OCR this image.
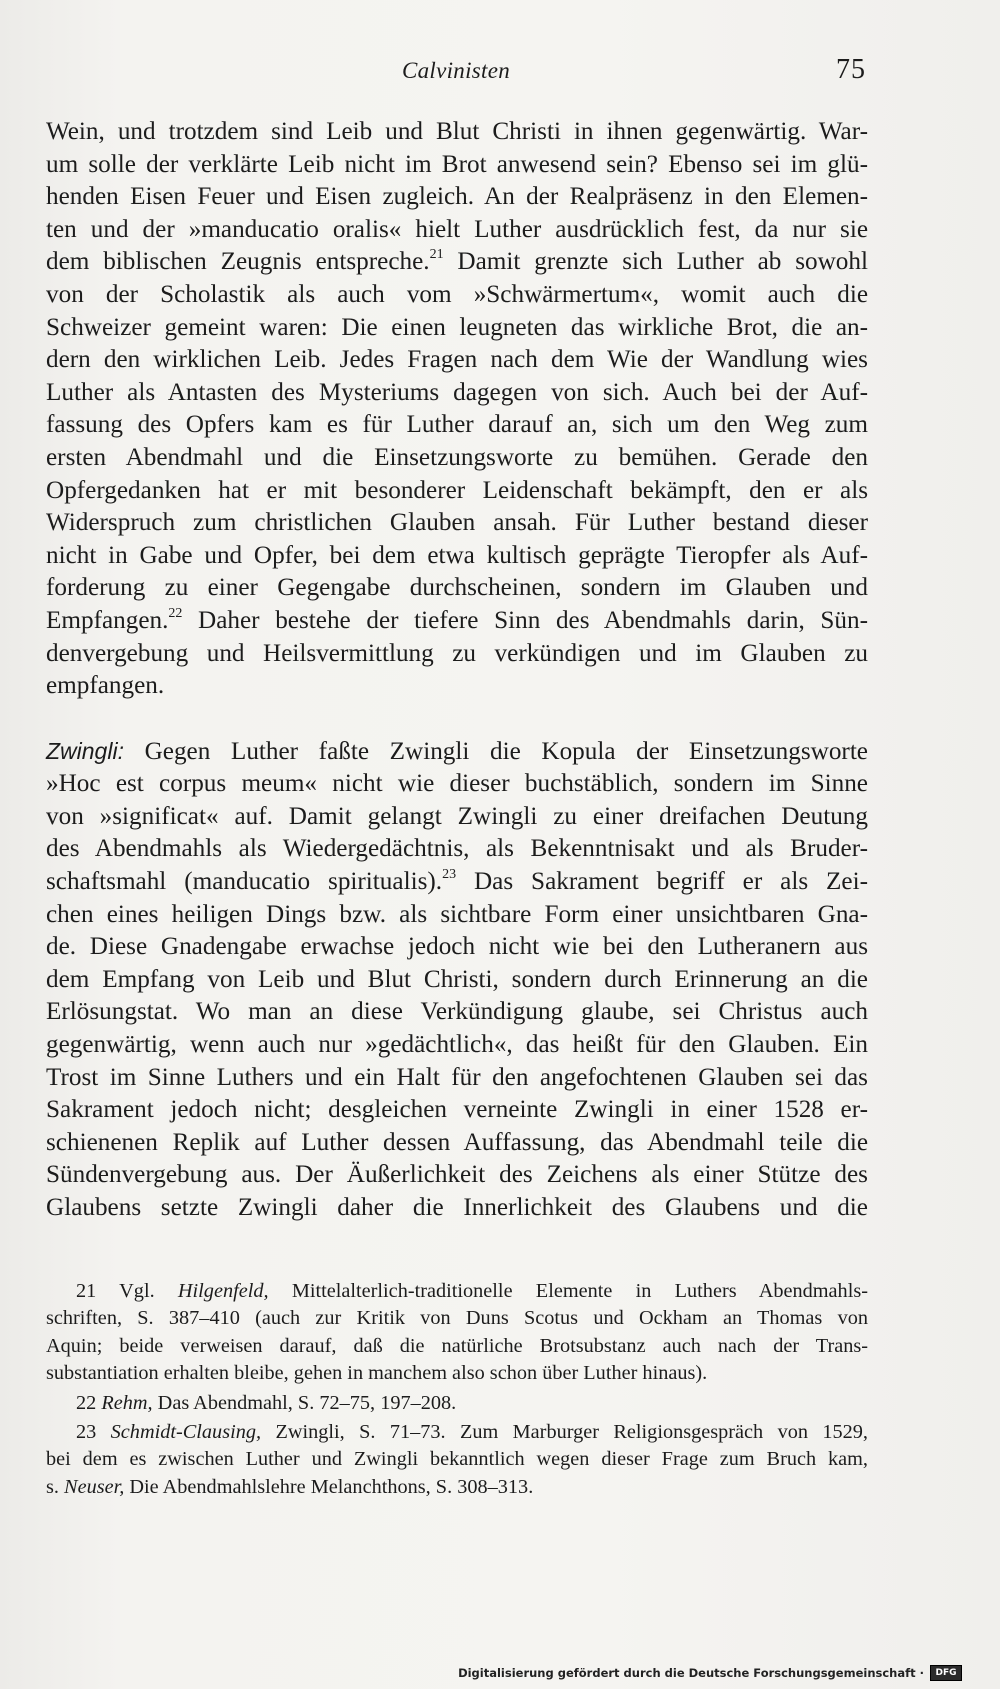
Calvinisten	75

Wein, und trotzdem sind Leib und Blut Christi in ihnen gegenwärtig. War-

um solle der verklärte Leib nicht im Brot anwesend sein? Ebenso sei im glü-

henden Eisen Feuer und Eisen zugleich. An der Realpräsenz in den Elemen-

ten und der »manducatio oralis« hielt Luther ausdrücklich fest, da nur sie

dem biblischen Zeugnis entspreche.$^{21}$ Damit grenzte sich Luther ab sowohl

von der Scholastik als auch vom »Schwärmertum«, womit auch die

Schweizer gemeint waren: Die einen leugneten das wirkliche Brot, die an-

dern den wirklichen Leib. Jedes Fragen nach dem Wie der Wandlung wies

Luther als Antasten des Mysteriums dagegen von sich. Auch bei der Auf-

fassung des Opfers kam es für Luther darauf an, sich um den Weg zum

ersten Abendmahl und die Einsetzungsworte zu bemühen. Gerade den

Opfergedanken hat er mit besonderer Leidenschaft bekämpft, den er als

Widerspruch zum christlichen Glauben ansah. Für Luther bestand dieser

nicht in Gabe und Opfer, bei dem etwa kultisch geprägte Tieropfer als Auf-

forderung zu einer Gegengabe durchscheinen, sondern im Glauben und

Empfangen.$^{22}$ Daher bestehe der tiefere Sinn des Abendmahls darin, Sün-

denvergebung und Heilsvermittlung zu verkündigen und im Glauben zu

empfangen.

Zwingli: Gegen Luther faßte Zwingli die Kopula der Einsetzungsworte

»Hoc est corpus meum« nicht wie dieser buchstäblich, sondern im Sinne

von »significat« auf. Damit gelangt Zwingli zu einer dreifachen Deutung

des Abendmahls als Wiedergedächtnis, als Bekenntnisakt und als Bruder-

schaftsmahl (manducatio spiritualis).$^{23}$ Das Sakrament begriff er als Zei-

chen eines heiligen Dings bzw. als sichtbare Form einer unsichtbaren Gna-

de. Diese Gnadengabe erwachse jedoch nicht wie bei den Lutheranern aus

dem Empfang von Leib und Blut Christi, sondern durch Erinnerung an die

Erlösungstat. Wo man an diese Verkündigung glaube, sei Christus auch

gegenwärtig, wenn auch nur »gedächtlich«, das heißt für den Glauben. Ein

Trost im Sinne Luthers und ein Halt für den angefochtenen Glauben sei das

Sakrament jedoch nicht; desgleichen verneinte Zwingli in einer 1528 er-

schienenen Replik auf Luther dessen Auffassung, das Abendmahl teile die

Sündenvergebung aus. Der Äußerlichkeit des Zeichens als einer Stütze des

Glaubens setzte Zwingli daher die Innerlichkeit des Glaubens und die

21 Vgl. Hilgenfeld, Mittelalterlich-traditionelle Elemente in Luthers Abendmahls-

schriften, S. 387–410 (auch zur Kritik von Duns Scotus und Ockham an Thomas von

Aquin; beide verweisen darauf, daß die natürliche Brotsubstanz auch nach der Trans-

substantiation erhalten bleibe, gehen in manchem also schon über Luther hinaus).

22 Rehm, Das Abendmahl, S. 72–75, 197–208.

23 Schmidt-Clausing, Zwingli, S. 71–73. Zum Marburger Religionsgespräch von 1529,

bei dem es zwischen Luther und Zwingli bekanntlich wegen dieser Frage zum Bruch kam,

s. Neuser, Die Abendmahlslehre Melanchthons, S. 308–313.

Digitalisierung gefördert durch die Deutsche Forschungsgemeinschaft ·	DFG
